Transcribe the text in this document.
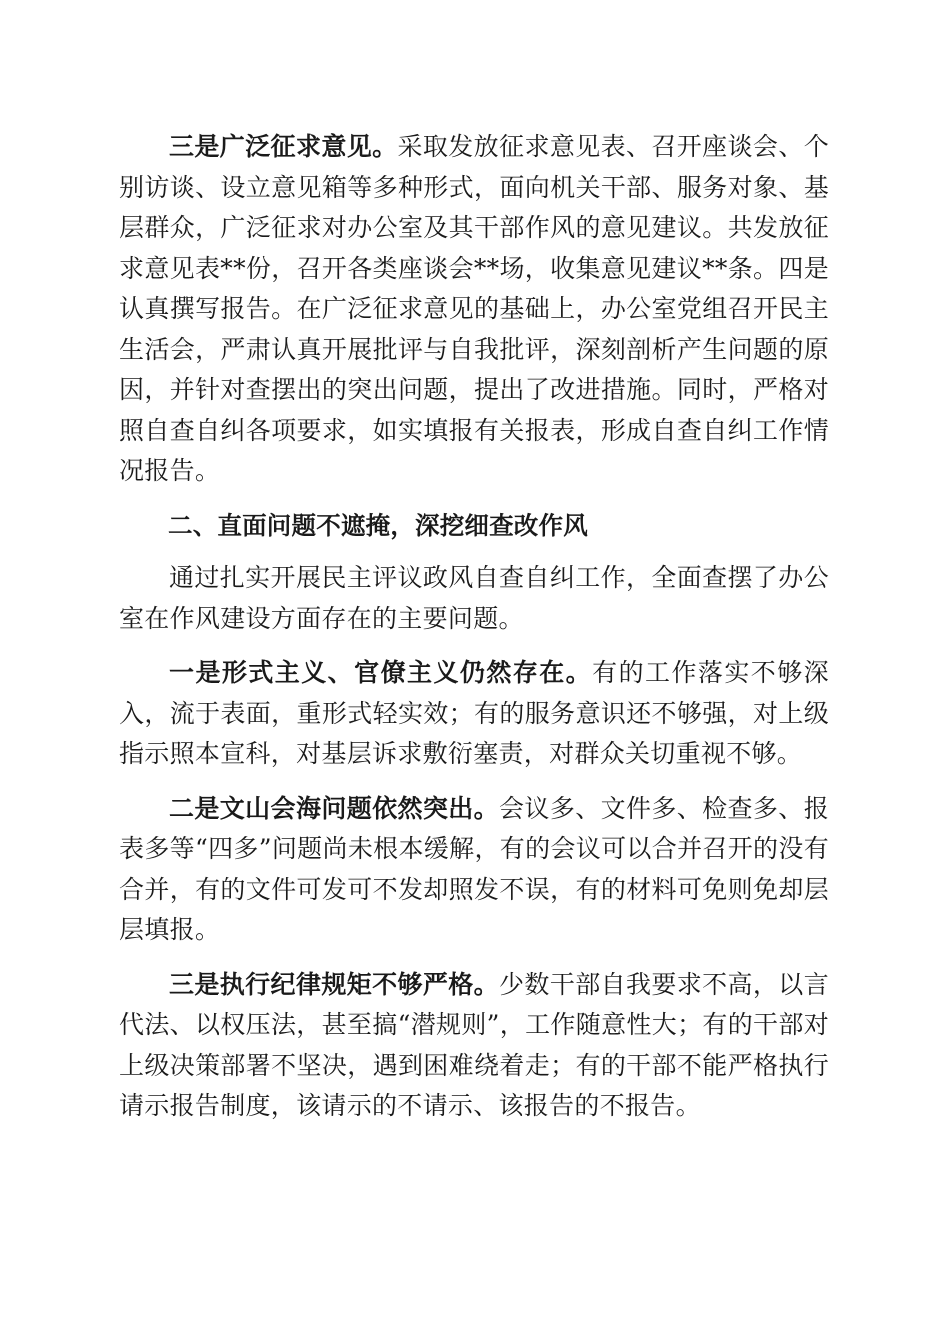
三是广泛征求意见。采取发放征求意见表、召开座谈会、个别访谈、设立意见箱等多种形式，面向机关干部、服务对象、基层群众，广泛征求对办公室及其干部作风的意见建议。共发放征求意见表**份，召开各类座谈会**场，收集意见建议**条。四是认真撰写报告。在广泛征求意见的基础上，办公室党组召开民主生活会，严肃认真开展批评与自我批评，深刻剖析产生问题的原因，并针对查摆出的突出问题，提出了改进措施。同时，严格对照自查自纠各项要求，如实填报有关报表，形成自查自纠工作情况报告。

二、直面问题不遮掩，深挖细查改作风

通过扎实开展民主评议政风自查自纠工作，全面查摆了办公室在作风建设方面存在的主要问题。

一是形式主义、官僚主义仍然存在。有的工作落实不够深入，流于表面，重形式轻实效；有的服务意识还不够强，对上级指示照本宣科，对基层诉求敷衍塞责，对群众关切重视不够。

二是文山会海问题依然突出。会议多、文件多、检查多、报表多等“四多”问题尚未根本缓解，有的会议可以合并召开的没有合并，有的文件可发可不发却照发不误，有的材料可免则免却层层填报。

三是执行纪律规矩不够严格。少数干部自我要求不高，以言代法、以权压法，甚至搞“潜规则”，工作随意性大；有的干部对上级决策部署不坚决，遇到困难绕着走；有的干部不能严格执行请示报告制度，该请示的不请示、该报告的不报告。
